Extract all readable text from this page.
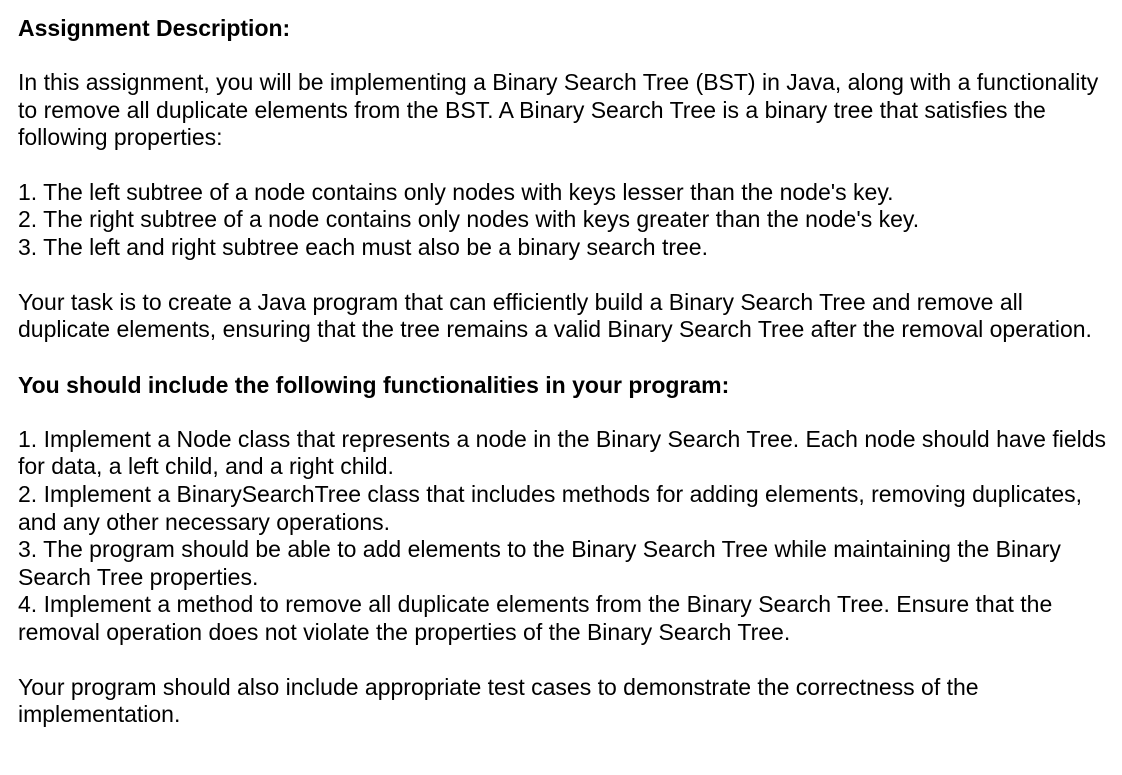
Assignment Description:

In this assignment, you will be implementing a Binary Search Tree (BST) in Java, along with a functionality to remove all duplicate elements from the BST. A Binary Search Tree is a binary tree that satisfies the following properties:

1. The left subtree of a node contains only nodes with keys lesser than the node's key.
2. The right subtree of a node contains only nodes with keys greater than the node's key.
3. The left and right subtree each must also be a binary search tree.

Your task is to create a Java program that can efficiently build a Binary Search Tree and remove all duplicate elements, ensuring that the tree remains a valid Binary Search Tree after the removal operation.

You should include the following functionalities in your program:
1. Implement a Node class that represents a node in the Binary Search Tree. Each node should have fields for data, a left child, and a right child.
2. Implement a BinarySearchTree class that includes methods for adding elements, removing duplicates, and any other necessary operations.
3. The program should be able to add elements to the Binary Search Tree while maintaining the Binary Search Tree properties.
4. Implement a method to remove all duplicate elements from the Binary Search Tree. Ensure that the removal operation does not violate the properties of the Binary Search Tree.

Your program should also include appropriate test cases to demonstrate the correctness of the implementation.
